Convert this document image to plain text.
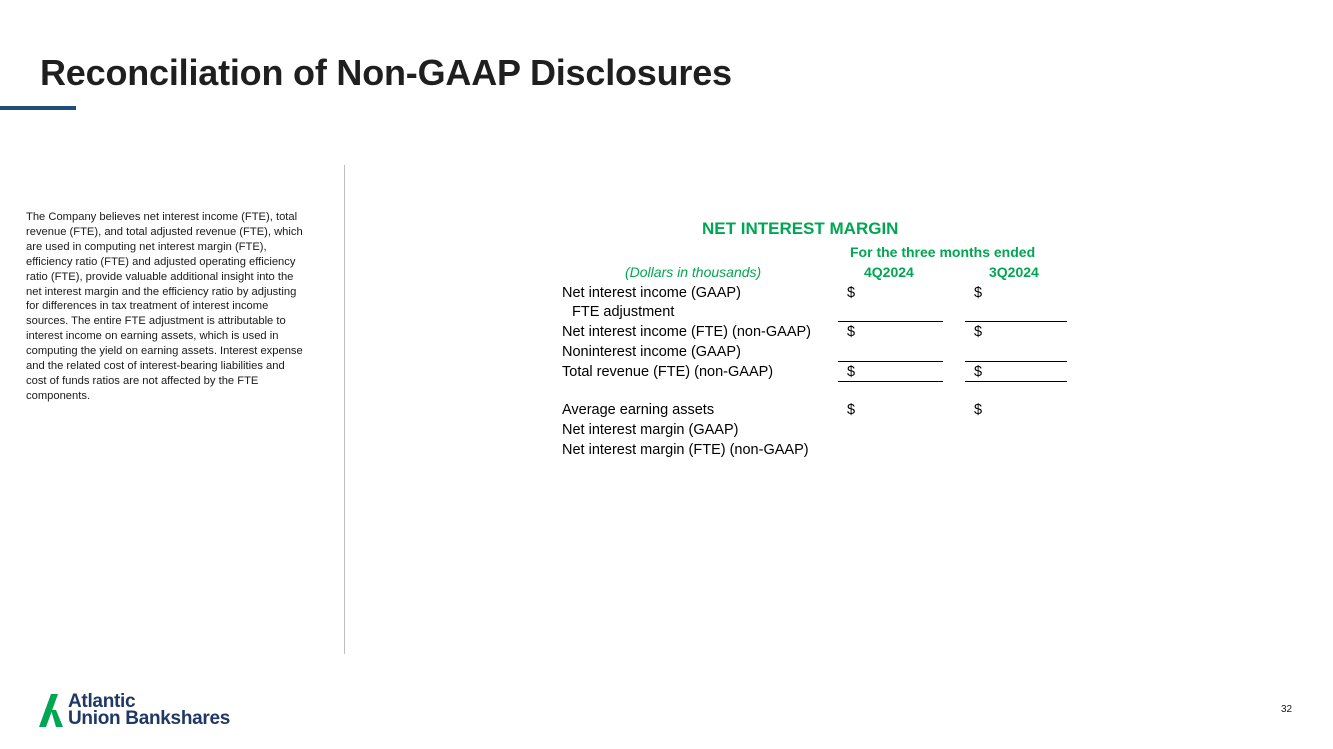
Reconciliation of Non-GAAP Disclosures
The Company believes net interest income (FTE), total revenue (FTE), and total adjusted revenue (FTE), which are used in computing net interest margin (FTE), efficiency ratio (FTE) and adjusted operating efficiency ratio (FTE), provide valuable additional insight into the net interest margin and the efficiency ratio by adjusting for differences in tax treatment of interest income sources. The entire FTE adjustment is attributable to interest income on earning assets, which is used in computing the yield on earning assets. Interest expense and the related cost of interest-bearing liabilities and cost of funds ratios are not affected by the FTE components.
NET INTEREST MARGIN
For the three months ended
(Dollars in thousands)	4Q2024	3Q2024
Net interest income (GAAP)	$	$
FTE adjustment
Net interest income (FTE) (non-GAAP) $	$
Noninterest income (GAAP)
Total revenue (FTE) (non-GAAP)	$	$
Average earning assets	$	$
Net interest margin (GAAP)
Net interest margin (FTE) (non-GAAP)
Atlantic
Union Bankshares	32
